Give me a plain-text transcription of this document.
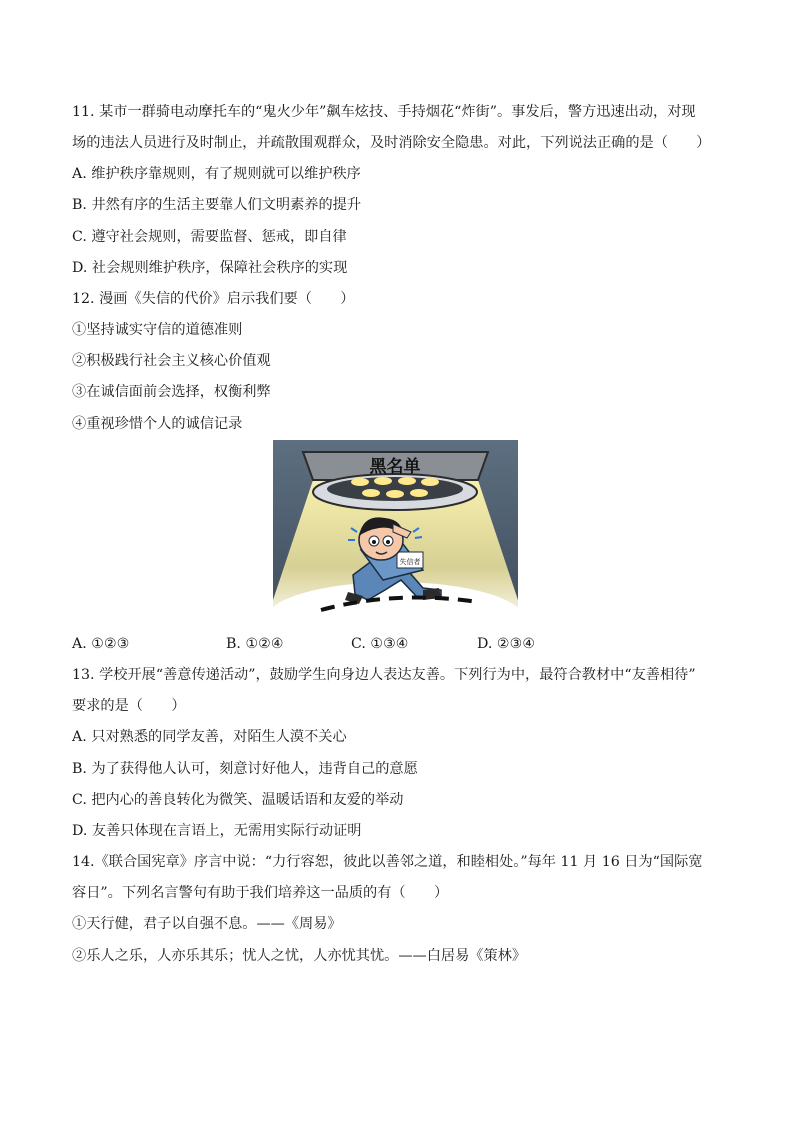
11. 某市一群骑电动摩托车的“鬼火少年”飙车炫技、手持烟花“炸街”。事发后，警方迅速出动，对现
场的违法人员进行及时制止，并疏散围观群众，及时消除安全隐患。对此，下列说法正确的是（　　）
A. 维护秩序靠规则，有了规则就可以维护秩序
B. 井然有序的生活主要靠人们文明素养的提升
C. 遵守社会规则，需要监督、惩戒，即自律
D. 社会规则维护秩序，保障社会秩序的实现
12. 漫画《失信的代价》启示我们要（　　）
①坚持诚实守信的道德准则
②积极践行社会主义核心价值观
③在诚信面前会选择，权衡利弊
④重视珍惜个人的诚信记录
黑名单
失信者
A. ①②③	B. ①②④	C. ①③④	D. ②③④
13. 学校开展“善意传递活动”，鼓励学生向身边人表达友善。下列行为中，最符合教材中“友善相待”
要求的是（　　）
A. 只对熟悉的同学友善，对陌生人漠不关心
B. 为了获得他人认可，刻意讨好他人，违背自己的意愿
C. 把内心的善良转化为微笑、温暖话语和友爱的举动
D. 友善只体现在言语上，无需用实际行动证明
14.《联合国宪章》序言中说：“力行容恕，彼此以善邻之道，和睦相处。”每年 11 月 16 日为“国际宽
容日”。下列名言警句有助于我们培养这一品质的有（　　）
①天行健，君子以自强不息。——《周易》
②乐人之乐，人亦乐其乐；忧人之忧，人亦忧其忧。——白居易《策林》
